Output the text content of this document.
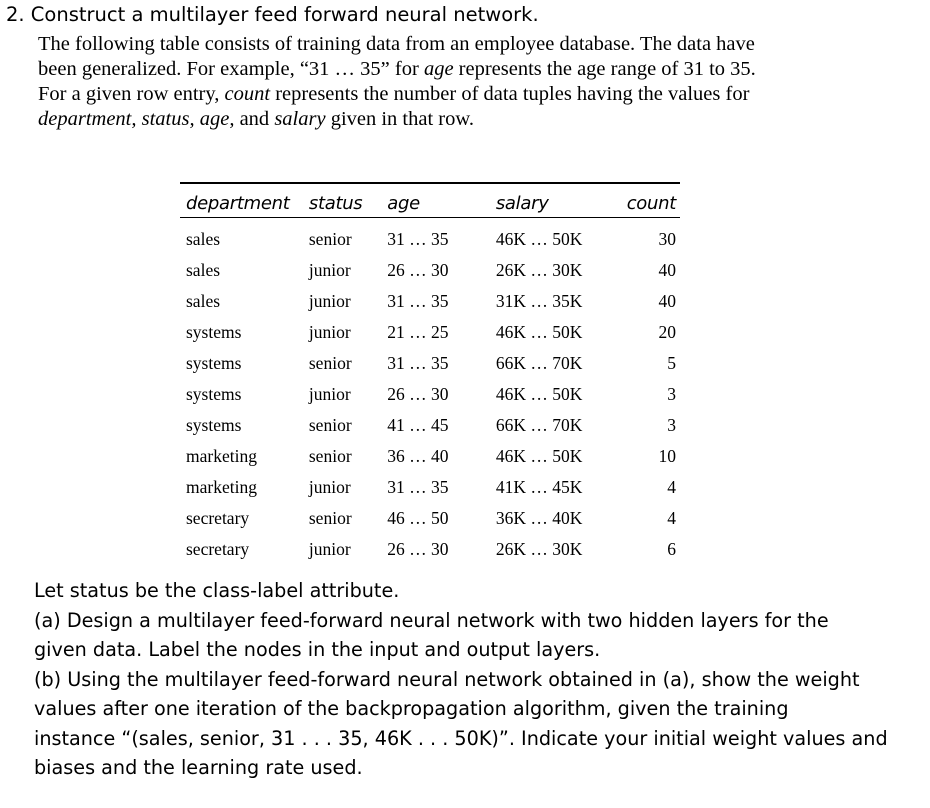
2. Construct a multilayer feed forward neural network.

The following table consists of training data from an employee database. The data have

been generalized. For example, “31 … 35” for age represents the age range of 31 to 35.

For a given row entry, count represents the number of data tuples having the values for

department, status, age, and salary given in that row.

department	status	age	salary	count
sales	senior	31 … 35	46K … 50K	30
sales	junior	26 … 30	26K … 30K	40
sales	junior	31 … 35	31K … 35K	40
systems	junior	21 … 25	46K … 50K	20
systems	senior	31 … 35	66K … 70K	5
systems	junior	26 … 30	46K … 50K	3
systems	senior	41 … 45	66K … 70K	3
marketing	senior	36 … 40	46K … 50K	10
marketing	junior	31 … 35	41K … 45K	4
secretary	senior	46 … 50	36K … 40K	4
secretary	junior	26 … 30	26K … 30K	6

Let status be the class-label attribute.

(a) Design a multilayer feed-forward neural network with two hidden layers for the

given data. Label the nodes in the input and output layers.

(b) Using the multilayer feed-forward neural network obtained in (a), show the weight

values after one iteration of the backpropagation algorithm, given the training

instance “(sales, senior, 31 . . . 35, 46K . . . 50K)”. Indicate your initial weight values and

biases and the learning rate used.
